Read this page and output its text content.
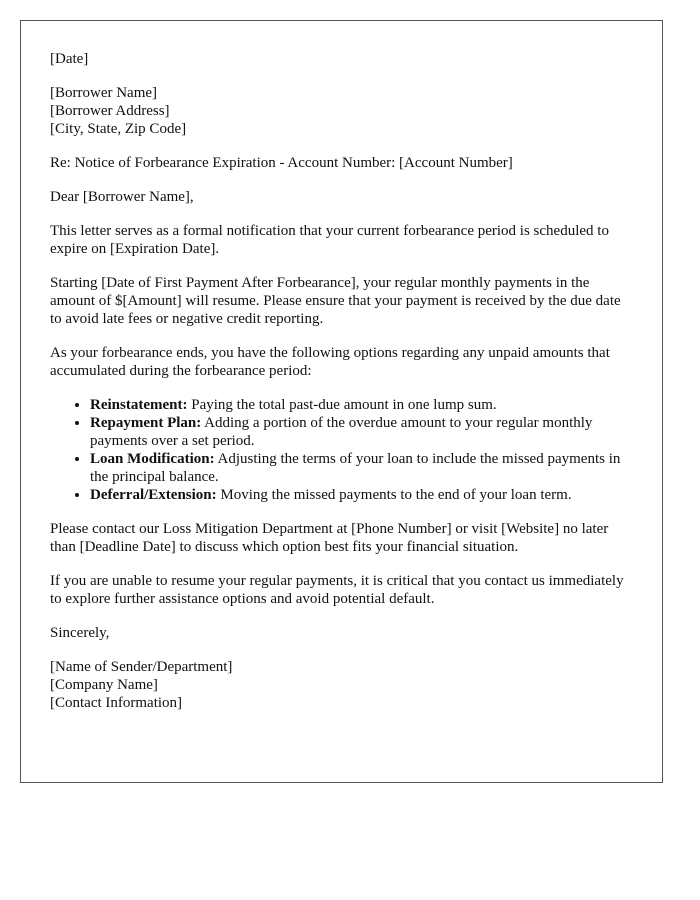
[Date]

[Borrower Name]
[Borrower Address]
[City, State, Zip Code]

Re: Notice of Forbearance Expiration - Account Number: [Account Number]

Dear [Borrower Name],

This letter serves as a formal notification that your current forbearance period is scheduled to expire on [Expiration Date].

Starting [Date of First Payment After Forbearance], your regular monthly payments in the amount of $[Amount] will resume. Please ensure that your payment is received by the due date to avoid late fees or negative credit reporting.

As your forbearance ends, you have the following options regarding any unpaid amounts that accumulated during the forbearance period:

• Reinstatement: Paying the total past-due amount in one lump sum.
• Repayment Plan: Adding a portion of the overdue amount to your regular monthly payments over a set period.
• Loan Modification: Adjusting the terms of your loan to include the missed payments in the principal balance.
• Deferral/Extension: Moving the missed payments to the end of your loan term.

Please contact our Loss Mitigation Department at [Phone Number] or visit [Website] no later than [Deadline Date] to discuss which option best fits your financial situation.

If you are unable to resume your regular payments, it is critical that you contact us immediately to explore further assistance options and avoid potential default.

Sincerely,

[Name of Sender/Department]
[Company Name]
[Contact Information]
